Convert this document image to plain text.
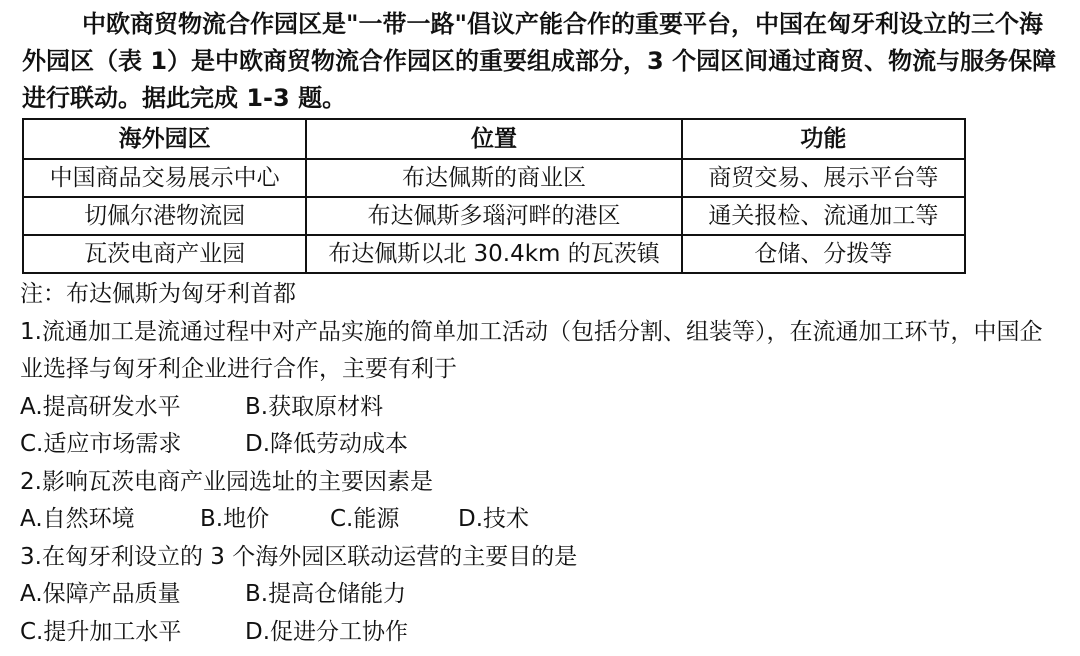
中欧商贸物流合作园区是"一带一路"倡议产能合作的重要平台，中国在匈牙利设立的三个海外园区（表 1）是中欧商贸物流合作园区的重要组成部分，3 个园区间通过商贸、物流与服务保障进行联动。据此完成 1-3 题。

海外园区	位置	功能
中国商品交易展示中心	布达佩斯的商业区	商贸交易、展示平台等
切佩尔港物流园	布达佩斯多瑙河畔的港区	通关报检、流通加工等
瓦茨电商产业园	布达佩斯以北 30.4km 的瓦茨镇	仓储、分拨等

注：布达佩斯为匈牙利首都

1.流通加工是流通过程中对产品实施的简单加工活动（包括分割、组装等），在流通加工环节，中国企业选择与匈牙利企业进行合作，主要有利于

A.提高研发水平	B.获取原材料

C.适应市场需求	D.降低劳动成本

2.影响瓦茨电商产业园选址的主要因素是

A.自然环境	B.地价	C.能源	D.技术

3.在匈牙利设立的 3 个海外园区联动运营的主要目的是

A.保障产品质量	B.提高仓储能力

C.提升加工水平	D.促进分工协作
